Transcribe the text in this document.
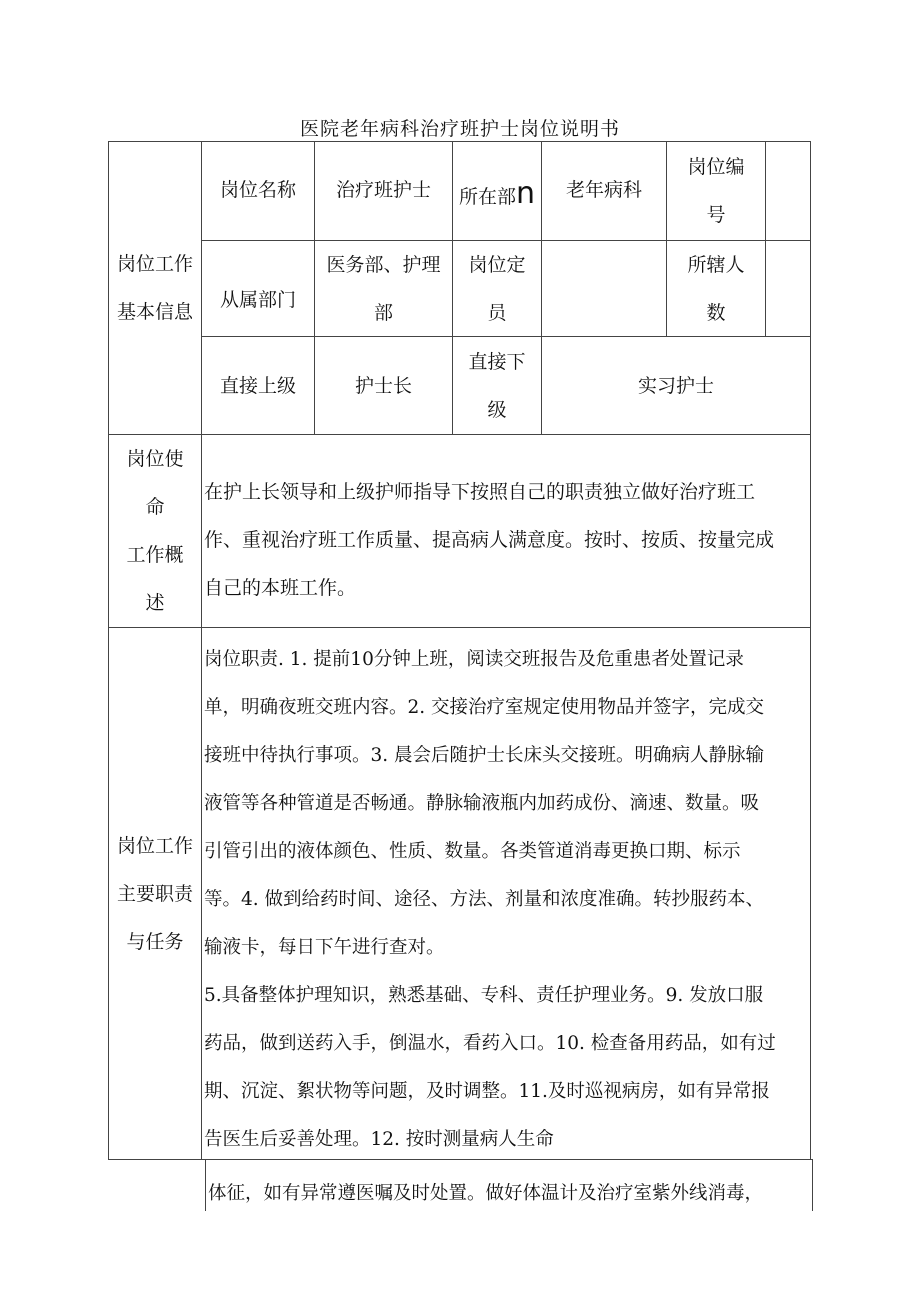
医院老年病科治疗班护士岗位说明书
岗位工作
基本信息
岗位名称 治疗班护士 所在部n 老年病科
岗位编
号
从属部门
医务部、护理
部
岗位定
员
所辖人
数
直接上级	护士长
直接下
级
实习护士
岗位使
命
工作概
述

在护上长领导和上级护师指导下按照自己的职责独立做好治疗班工

作、重视治疗班工作质量、提高病人满意度。按时、按质、按量完成

自己的本班工作。

岗位工作
主要职责
与任务

岗位职责. 1. 提前10分钟上班，阅读交班报告及危重患者处置记录

单，明确夜班交班内容。2. 交接治疗室规定使用物品并签字，完成交

接班中待执行事项。3. 晨会后随护士长床头交接班。明确病人静脉输

液管等各种管道是否畅通。静脉输液瓶内加药成份、滴速、数量。吸

引管引出的液体颜色、性质、数量。各类管道消毒更换口期、标示

等。4. 做到给药时间、途径、方法、剂量和浓度准确。转抄服药本、

输液卡，每日下午进行查对。

5.具备整体护理知识，熟悉基础、专科、责任护理业务。9. 发放口服

药品，做到送药入手，倒温水，看药入口。10. 检查备用药品，如有过

期、沉淀、絮状物等问题，及时调整。11.及时巡视病房，如有异常报

告医生后妥善处理。12. 按时测量病人生命

体征，如有异常遵医嘱及时处置。做好体温计及治疗室紫外线消毒，
